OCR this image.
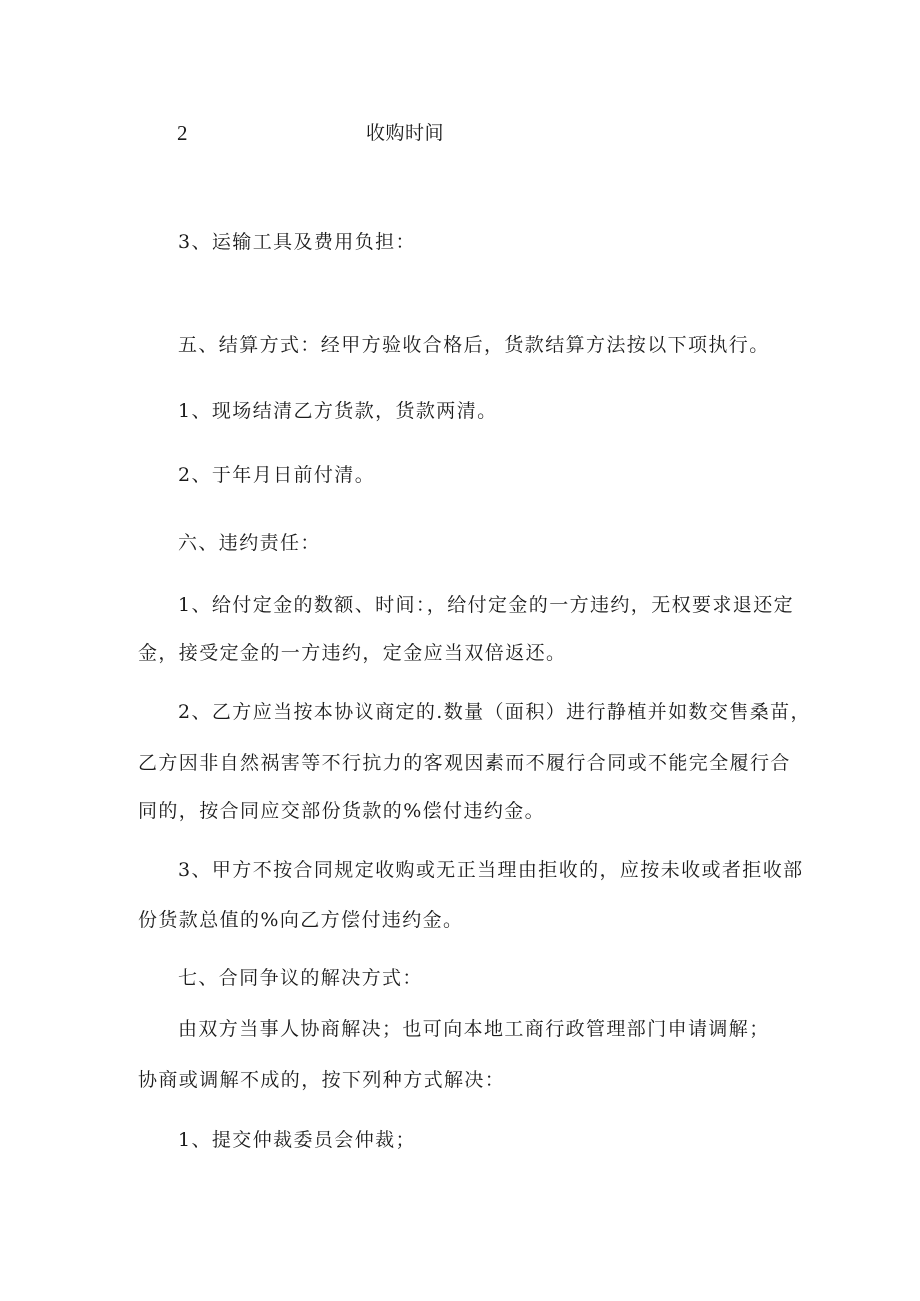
2	收购时间
3、运输工具及费用负担：
五、结算方式：经甲方验收合格后，货款结算方法按以下项执行。
1、现场结清乙方货款，货款两清。
2、于年月日前付清。
六、违约责任：
1、给付定金的数额、时间：，给付定金的一方违约，无权要求退还定
金，接受定金的一方违约，定金应当双倍返还。
2、乙方应当按本协议商定的.数量（面积）进行静植并如数交售桑苗，
乙方因非自然祸害等不行抗力的客观因素而不履行合同或不能完全履行合
同的，按合同应交部份货款的%偿付违约金。
3、甲方不按合同规定收购或无正当理由拒收的，应按未收或者拒收部
份货款总值的%向乙方偿付违约金。
七、合同争议的解决方式：
由双方当事人协商解决；也可向本地工商行政管理部门申请调解；
协商或调解不成的，按下列种方式解决：
1、提交仲裁委员会仲裁；
